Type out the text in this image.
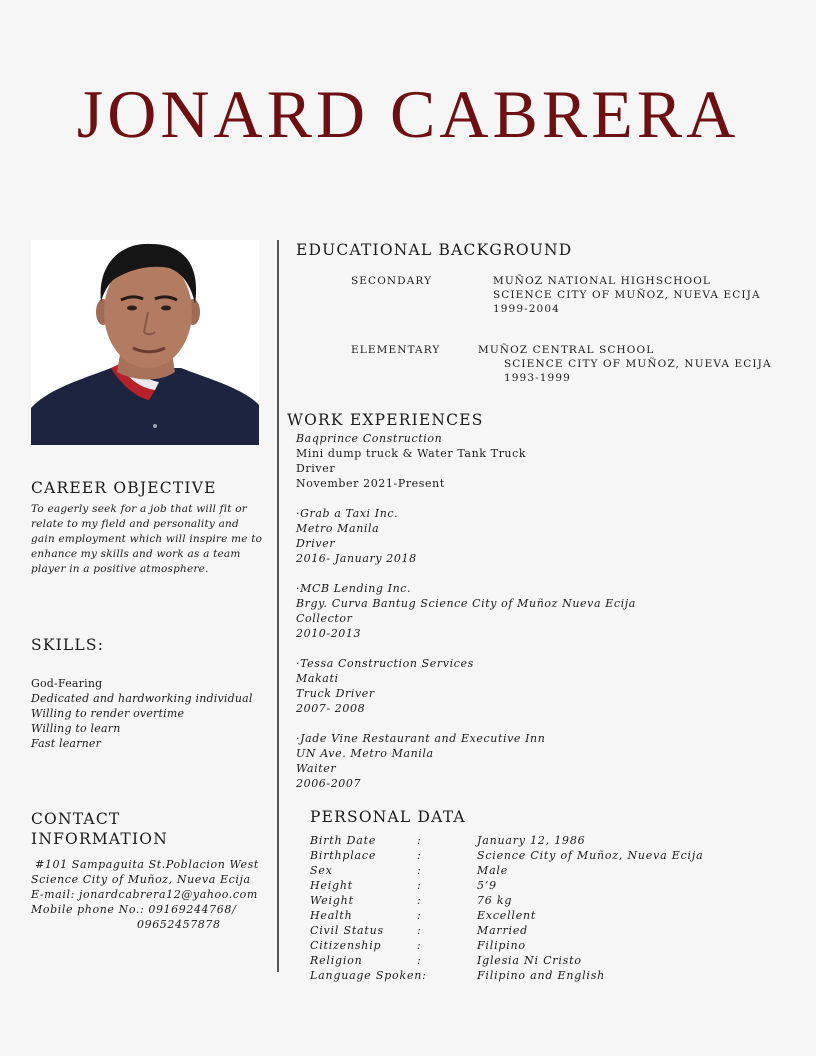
JONARD CABRERA
EDUCATIONAL BACKGROUND
SECONDARY	MUÑOZ NATIONAL HIGHSCHOOL
SCIENCE CITY OF MUÑOZ, NUEVA ECIJA
1999-2004
ELEMENTARY	MUÑOZ CENTRAL SCHOOL
SCIENCE CITY OF MUÑOZ, NUEVA ECIJA
1993-1999
WORK EXPERIENCES
Baqprince Construction
Mini dump truck & Water Tank Truck
Driver
November 2021-Present
·Grab a Taxi Inc.
Metro Manila
Driver
2016- January 2018
·MCB Lending Inc.
Brgy. Curva Bantug Science City of Muñoz Nueva Ecija
Collector
2010-2013
·Tessa Construction Services
Makati
Truck Driver
2007- 2008
·Jade Vine Restaurant and Executive Inn
UN Ave. Metro Manila
Waiter
2006-2007
CAREER OBJECTIVE
To eagerly seek for a job that will fit or
relate to my field and personality and
gain employment which will inspire me to
enhance my skills and work as a team
player in a positive atmosphere.
SKILLS:
God-Fearing
Dedicated and hardworking individual
Willing to render overtime
Willing to learn
Fast learner
CONTACT
INFORMATION
#101 Sampaguita St.Poblacion West
Science City of Muñoz, Nueva Ecija
E-mail: jonardcabrera12@yahoo.com
Mobile phone No.: 09169244768/
09652457878
PERSONAL DATA
Birth Date	:	January 12, 1986
Birthplace	:	Science City of Muñoz, Nueva Ecija
Sex	:	Male
Height	:	5’9
Weight	:	76 kg
Health	:	Excellent
Civil Status	:	Married
Citizenship	:	Filipino
Religion	:	Iglesia Ni Cristo
Language Spoken:	Filipino and English
